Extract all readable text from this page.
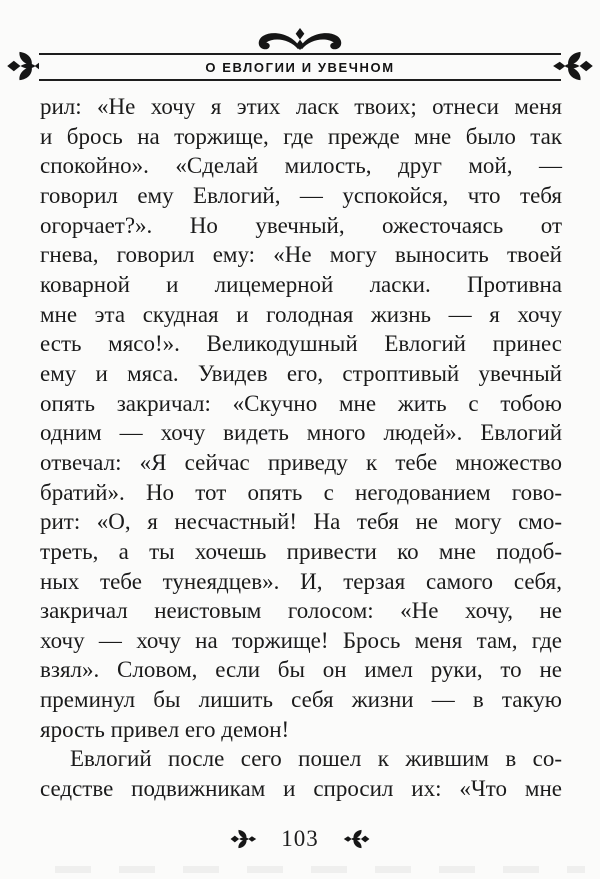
О ЕВЛОГИИ И УВЕЧНОМ
рил: «Не хочу я этих ласк твоих; отнеси меня
и брось на торжище, где прежде мне было так
спокойно». «Сделай милость, друг мой, —
говорил ему Евлогий, — успокойся, что тебя
огорчает?». Но увечный, ожесточаясь от
гнева, говорил ему: «Не могу выносить твоей
коварной и лицемерной ласки. Противна
мне эта скудная и голодная жизнь — я хочу
есть мясо!». Великодушный Евлогий принес
ему и мяса. Увидев его, строптивый увечный
опять закричал: «Скучно мне жить с тобою
одним — хочу видеть много людей». Евлогий
отвечал: «Я сейчас приведу к тебе множество
братий». Но тот опять с негодованием гово-
рит: «О, я несчастный! На тебя не могу смо-
треть, а ты хочешь привести ко мне подоб-
ных тебе тунеядцев». И, терзая самого себя,
закричал неистовым голосом: «Не хочу, не
хочу — хочу на торжище! Брось меня там, где
взял». Словом, если бы он имел руки, то не
преминул бы лишить себя жизни — в такую
ярость привел его демон!
Евлогий после сего пошел к жившим в со-
седстве подвижникам и спросил их: «Что мне
103
